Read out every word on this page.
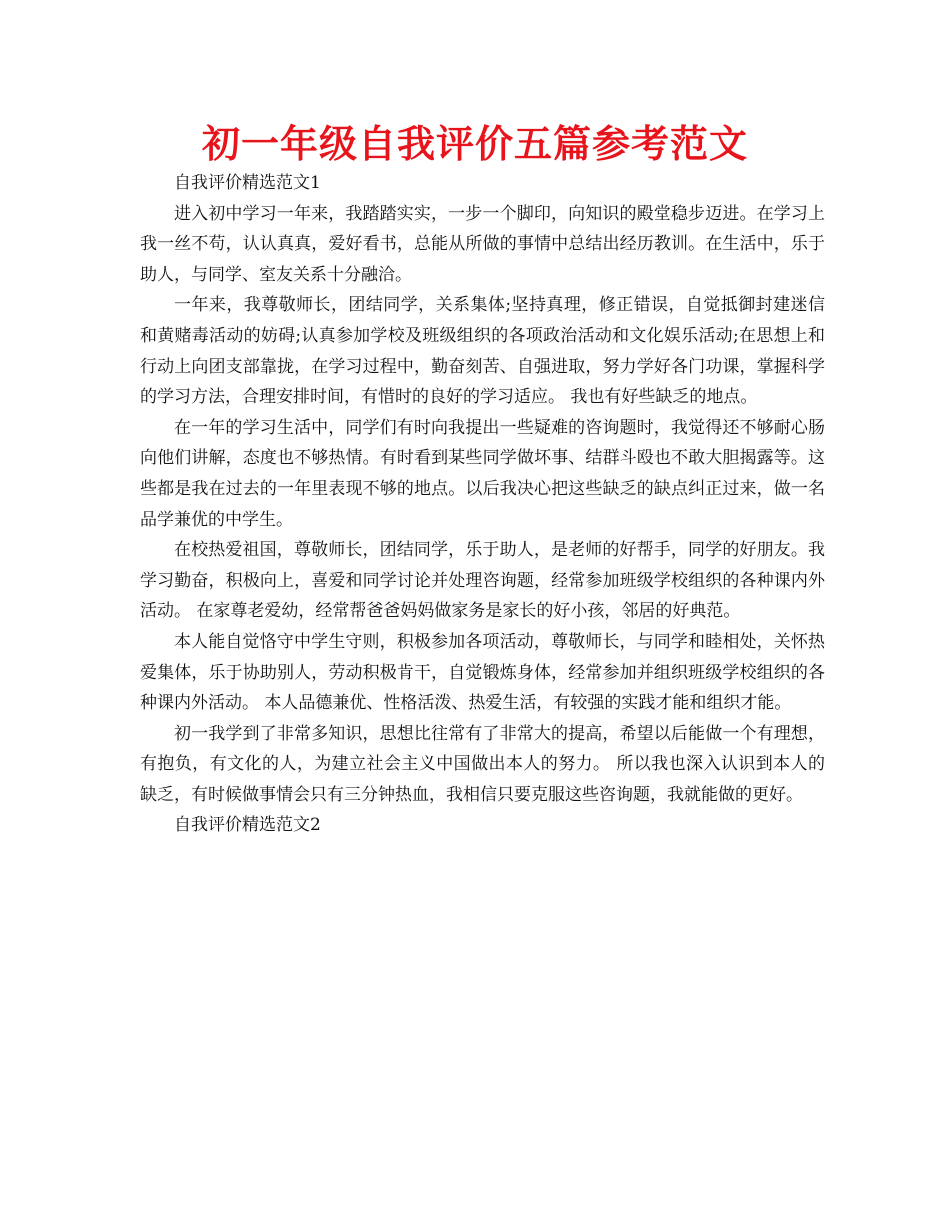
初一年级自我评价五篇参考范文

自我评价精选范文1

进入初中学习一年来，我踏踏实实，一步一个脚印，向知识的殿堂稳步迈进。在学习上我一丝不苟，认认真真，爱好看书，总能从所做的事情中总结出经历教训。在生活中，乐于助人，与同学、室友关系十分融洽。

一年来，我尊敬师长，团结同学，关系集体;坚持真理，修正错误，自觉抵御封建迷信和黄赌毒活动的妨碍;认真参加学校及班级组织的各项政治活动和文化娱乐活动;在思想上和行动上向团支部靠拢，在学习过程中，勤奋刻苦、自强进取，努力学好各门功课，掌握科学的学习方法，合理安排时间，有惜时的良好的学习适应。 我也有好些缺乏的地点。

在一年的学习生活中，同学们有时向我提出一些疑难的咨询题时，我觉得还不够耐心肠向他们讲解，态度也不够热情。有时看到某些同学做坏事、结群斗殴也不敢大胆揭露等。这些都是我在过去的一年里表现不够的地点。以后我决心把这些缺乏的缺点纠正过来，做一名品学兼优的中学生。

在校热爱祖国，尊敬师长，团结同学，乐于助人，是老师的好帮手，同学的好朋友。我学习勤奋，积极向上，喜爱和同学讨论并处理咨询题，经常参加班级学校组织的各种课内外活动。 在家尊老爱幼，经常帮爸爸妈妈做家务是家长的好小孩，邻居的好典范。

本人能自觉恪守中学生守则，积极参加各项活动，尊敬师长，与同学和睦相处，关怀热爱集体，乐于协助别人，劳动积极肯干，自觉锻炼身体，经常参加并组织班级学校组织的各种课内外活动。 本人品德兼优、性格活泼、热爱生活，有较强的实践才能和组织才能。

初一我学到了非常多知识，思想比往常有了非常大的提高，希望以后能做一个有理想，有抱负，有文化的人，为建立社会主义中国做出本人的努力。 所以我也深入认识到本人的缺乏，有时候做事情会只有三分钟热血，我相信只要克服这些咨询题，我就能做的更好。

自我评价精选范文2
